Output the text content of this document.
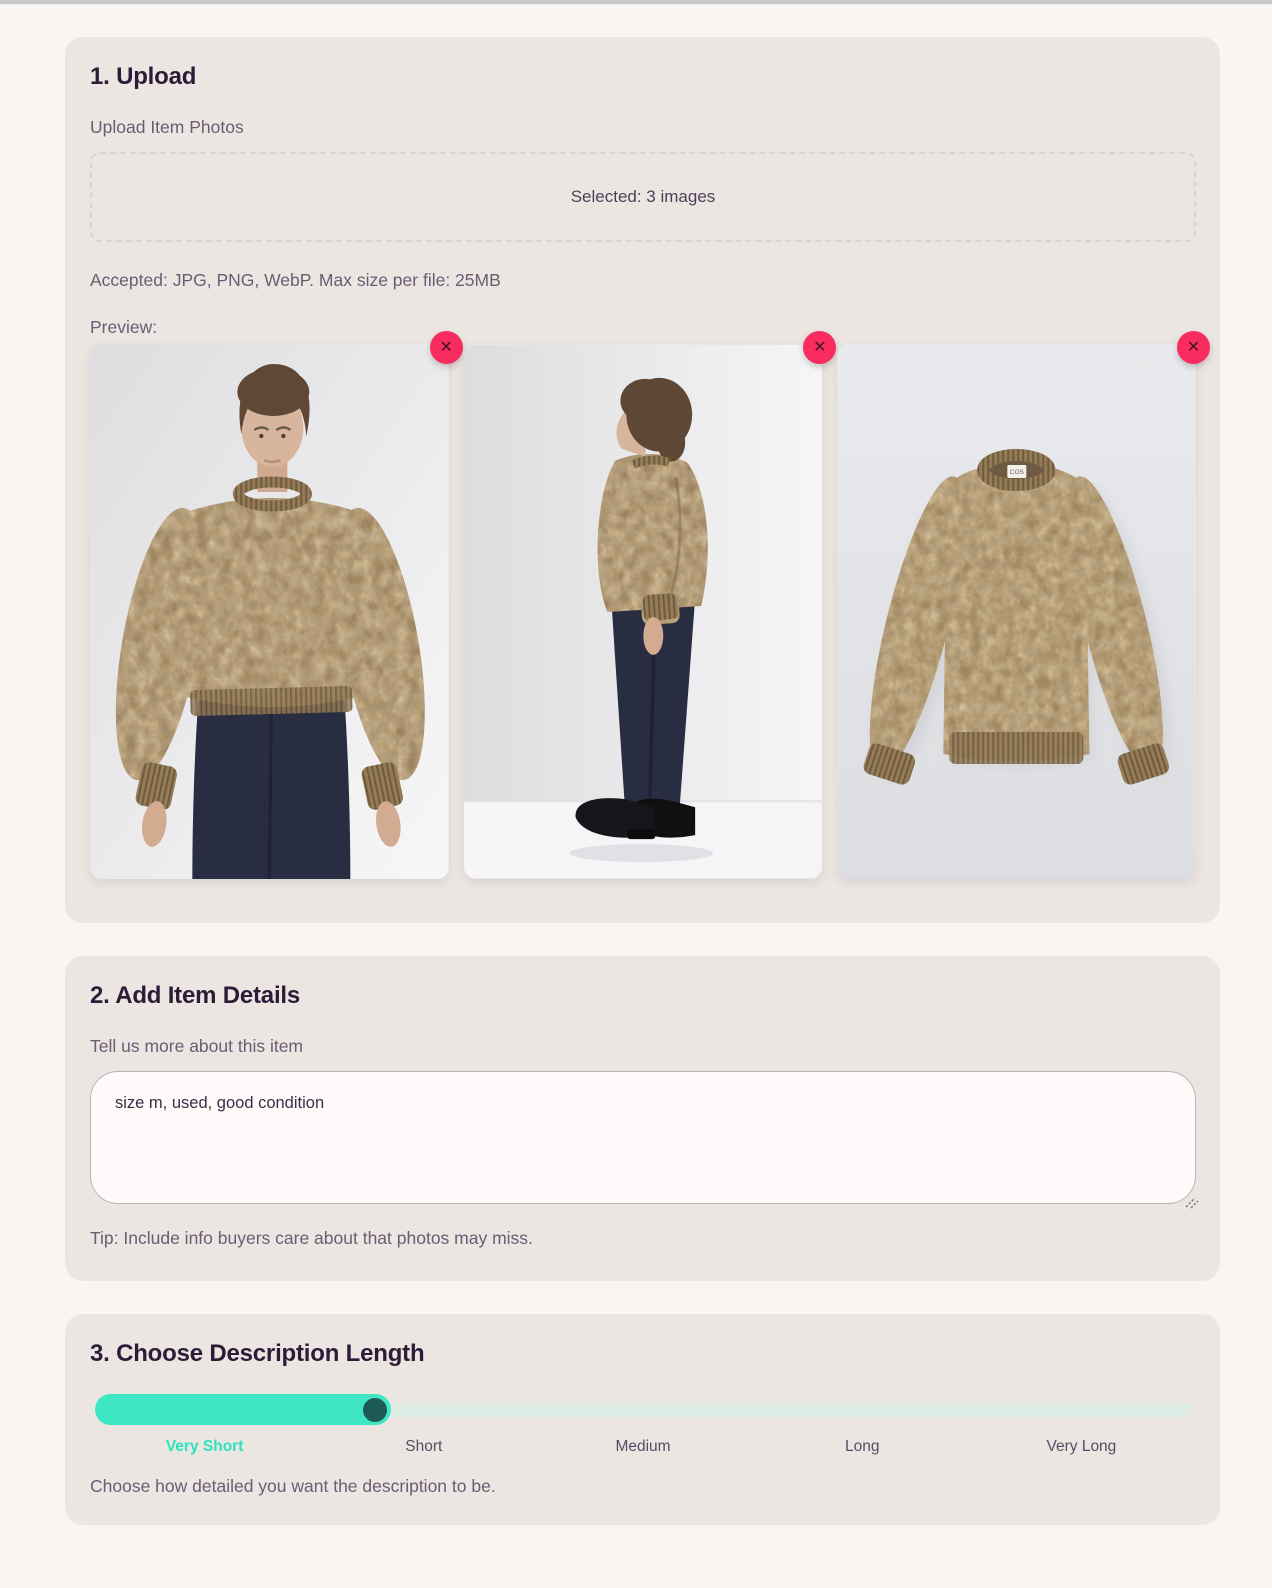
1. Upload

Upload Item Photos

Selected: 3 images

Accepted: JPG, PNG, WebP. Max size per file: 25MB

Preview:

✕	✕
COS
✕
2. Add Item Details

Tell us more about this item

size m, used, good condition

Tip: Include info buyers care about that photos may miss.

3. Choose Description Length
Very Short	Short	Medium	Long	Very Long

Choose how detailed you want the description to be.
